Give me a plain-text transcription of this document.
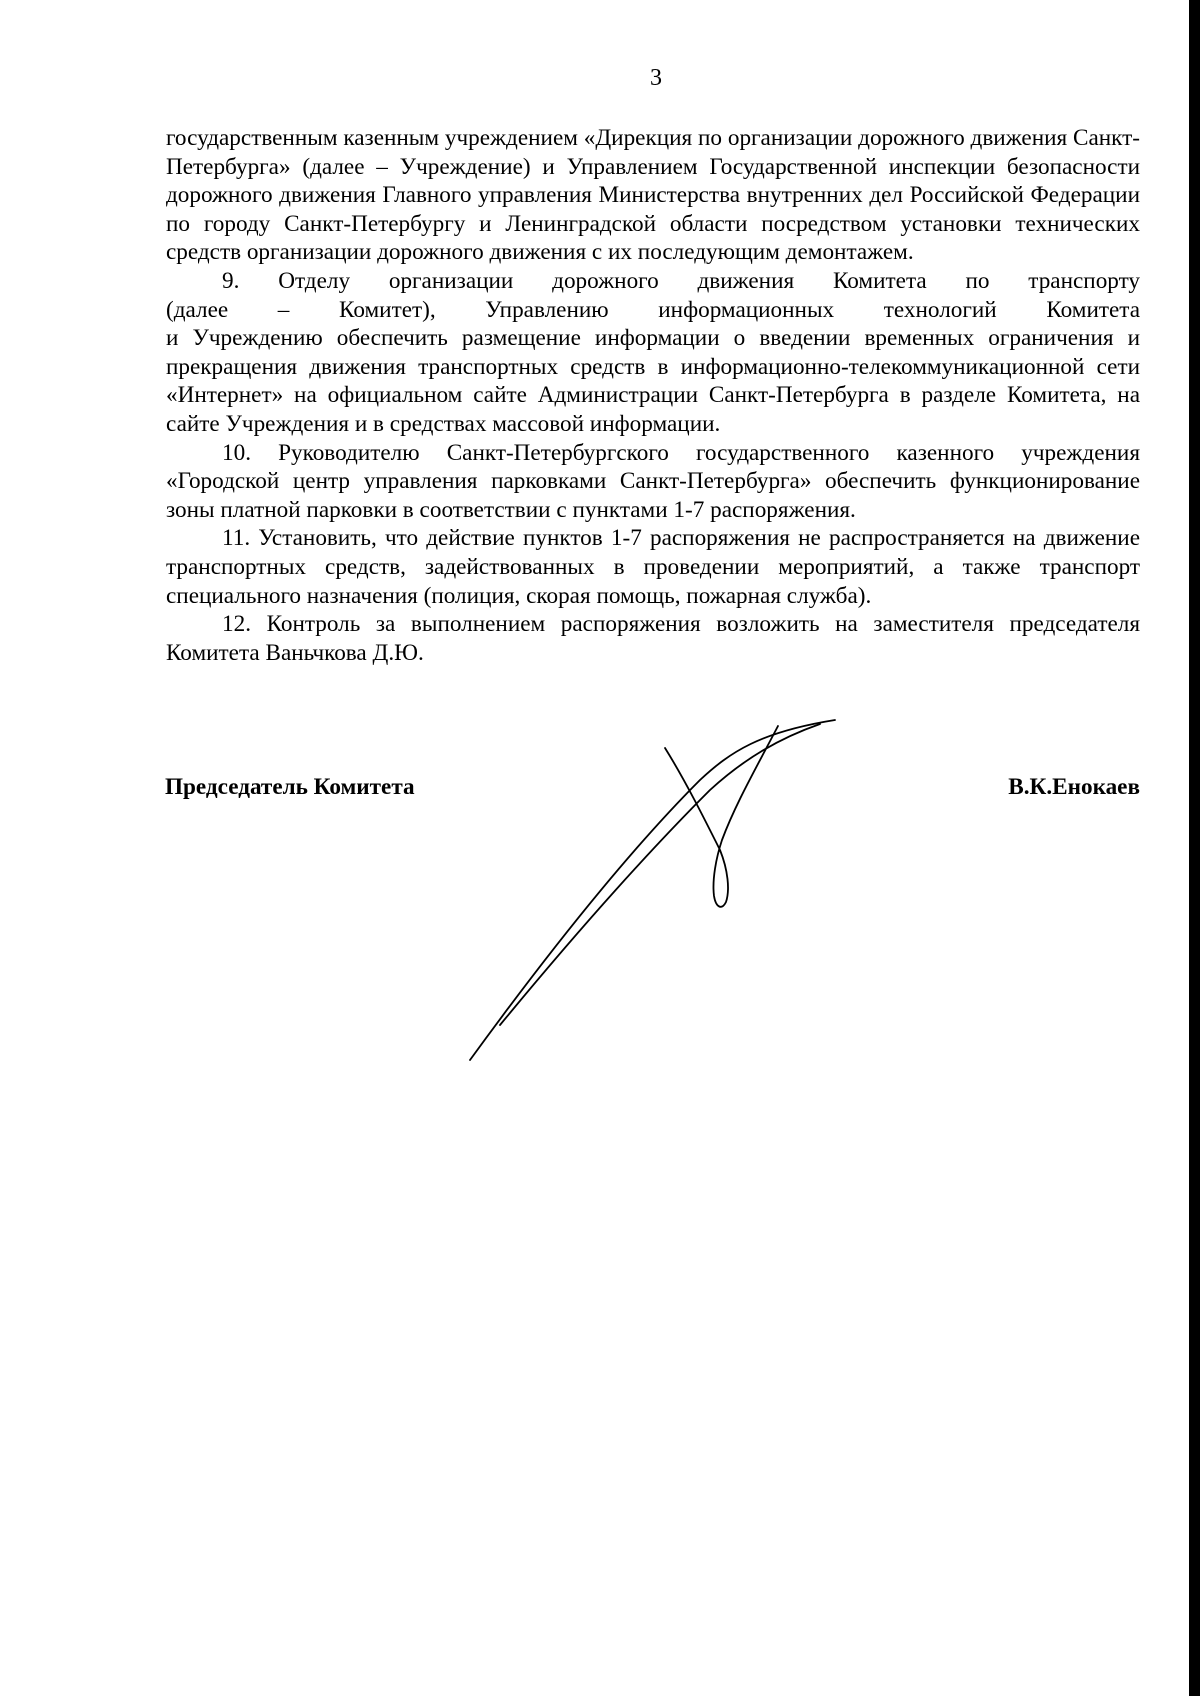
3

государственным казенным учреждением «Дирекция по организации дорожного движения Санкт-Петербурга» (далее – Учреждение) и Управлением Государственной инспекции безопасности дорожного движения Главного управления Министерства внутренних дел Российской Федерации по городу Санкт-Петербургу и Ленинградской области посредством установки технических средств организации дорожного движения с их последующим демонтажем.

9. Отделу организации дорожного движения Комитета по транспорту

(далее – Комитет), Управлению информационных технологий Комитета
и Учреждению обеспечить размещение информации о введении временных ограничения и прекращения движения транспортных средств в информационно-телекоммуникационной сети «Интернет» на официальном сайте Администрации Санкт-Петербурга в разделе Комитета, на сайте Учреждения и в средствах массовой информации.

10. Руководителю Санкт-Петербургского государственного казенного учреждения «Городской центр управления парковками Санкт-Петербурга» обеспечить функционирование зоны платной парковки в соответствии с пунктами 1-7 распоряжения.

11. Установить, что действие пунктов 1-7 распоряжения не распространяется на движение транспортных средств, задействованных в проведении мероприятий, а также транспорт специального назначения (полиция, скорая помощь, пожарная служба).

12. Контроль за выполнением распоряжения возложить на заместителя председателя Комитета Ваньчкова Д.Ю.

Председатель Комитета	В.К.Енокаев
